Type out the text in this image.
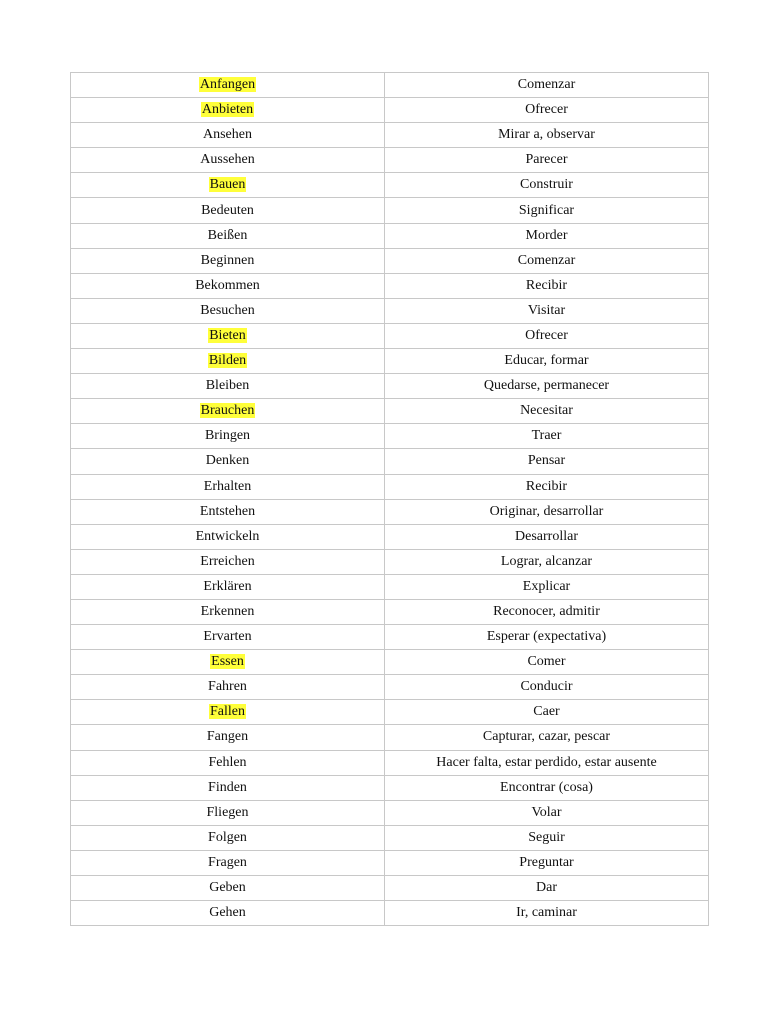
Anfangen	Comenzar
Anbieten	Ofrecer
Ansehen	Mirar a, observar
Aussehen	Parecer
Bauen	Construir
Bedeuten	Significar
Beißen	Morder
Beginnen	Comenzar
Bekommen	Recibir
Besuchen	Visitar
Bieten	Ofrecer
Bilden	Educar, formar
Bleiben	Quedarse, permanecer
Brauchen	Necesitar
Bringen	Traer
Denken	Pensar
Erhalten	Recibir
Entstehen	Originar, desarrollar
Entwickeln	Desarrollar
Erreichen	Lograr, alcanzar
Erklären	Explicar
Erkennen	Reconocer, admitir
Ervarten	Esperar (expectativa)
Essen	Comer
Fahren	Conducir
Fallen	Caer
Fangen	Capturar, cazar, pescar
Fehlen	Hacer falta, estar perdido, estar ausente
Finden	Encontrar (cosa)
Fliegen	Volar
Folgen	Seguir
Fragen	Preguntar
Geben	Dar
Gehen	Ir, caminar
